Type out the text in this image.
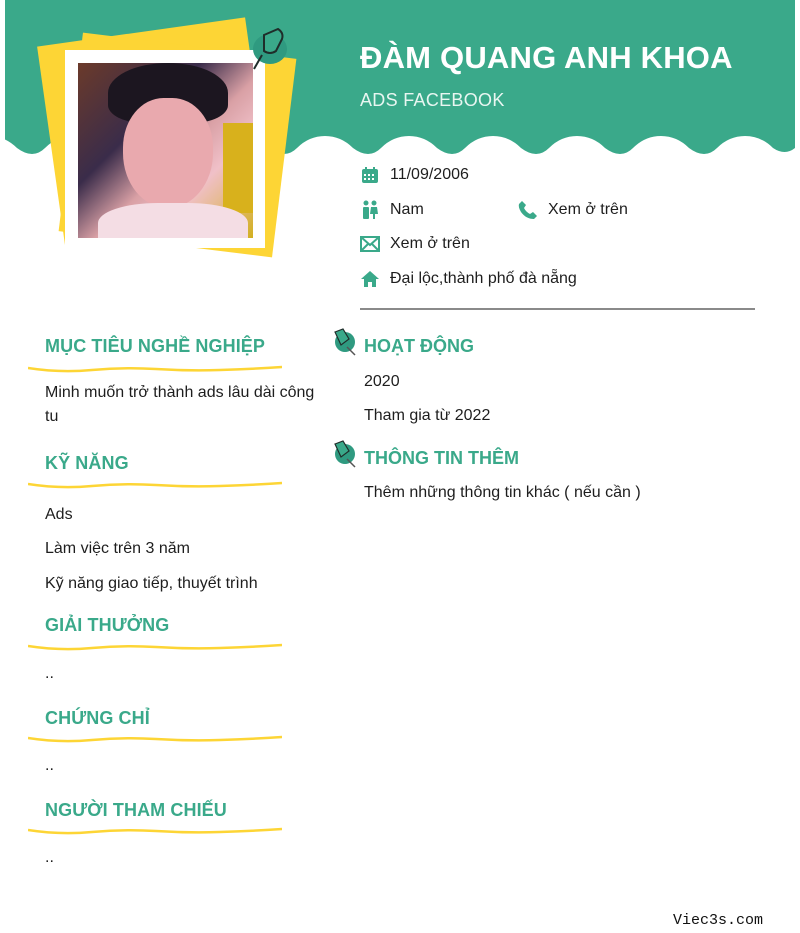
ĐÀM QUANG ANH KHOA
ADS FACEBOOK
11/09/2006
Nam	Xem ở trên
Xem ở trên
Đại lộc,thành phố đà nẵng
MỤC TIÊU NGHỀ NGHIỆP
Minh muốn trở thành ads lâu dài công tu
KỸ NĂNG
Ads
Làm việc trên 3 năm
Kỹ năng giao tiếp, thuyết trình
GIẢI THƯỞNG
..
CHỨNG CHỈ
..
NGƯỜI THAM CHIẾU
..
HOẠT ĐỘNG
2020
Tham gia từ 2022
THÔNG TIN THÊM
Thêm những thông tin khác ( nếu cần )
Viec3s.com
